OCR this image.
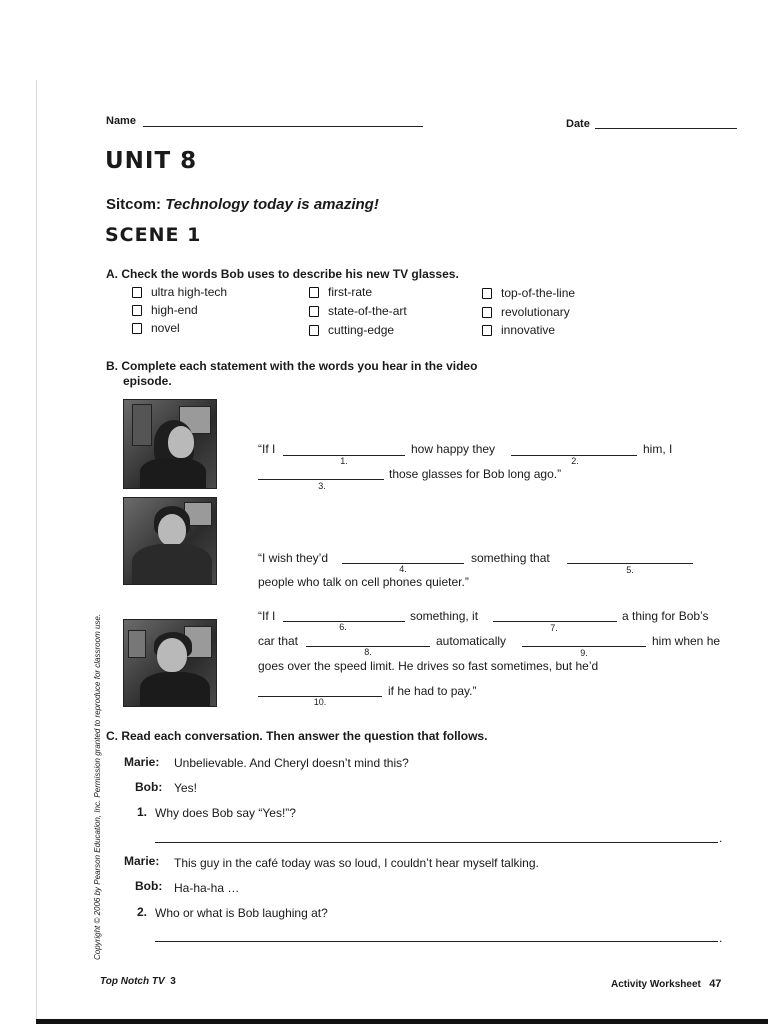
Name	Date
UNIT 8
Sitcom: Technology today is amazing!
SCENE 1
A. Check the words Bob uses to describe his new TV glasses.
ultra high-tech
high-end
novel
first-rate
state-of-the-art
cutting-edge
top-of-the-line
revolutionary
innovative
B. Complete each statement with the words you hear in the video
episode.
“If I
1.
how happy they
2.
him, I
3.
those glasses for Bob long ago.”
“I wish they’d
4.
something that
5.
people who talk on cell phones quieter.”
“If I
6.
something, it
7.
a thing for Bob’s
car that
8.
automatically
9.
him when he
goes over the speed limit. He drives so fast sometimes, but he’d
10.
if he had to pay.”
C. Read each conversation. Then answer the question that follows.
Marie: Unbelievable. And Cheryl doesn’t mind this?
Bob: Yes!
1. Why does Bob say “Yes!”?
.
Marie: This guy in the café today was so loud, I couldn’t hear myself talking.
Bob: Ha-ha-ha …
2. Who or what is Bob laughing at?
.
Copyright © 2006 by Pearson Education, Inc. Permission granted to reproduce for classroom use.
Top Notch TV 3	Activity Worksheet 47
